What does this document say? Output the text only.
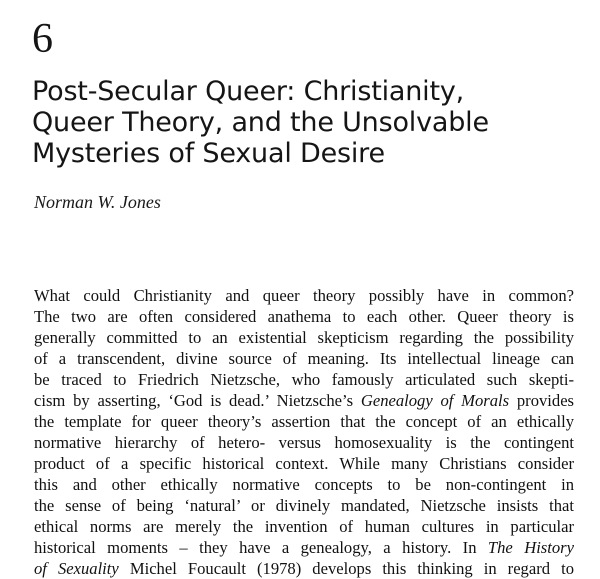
6
Post-Secular Queer: Christianity,
Queer Theory, and the Unsolvable
Mysteries of Sexual Desire
Norman W. Jones
What could Christianity and queer theory possibly have in common?
The two are often considered anathema to each other. Queer theory is
generally committed to an existential skepticism regarding the possibility
of a transcendent, divine source of meaning. Its intellectual lineage can
be traced to Friedrich Nietzsche, who famously articulated such skepti-
cism by asserting, ‘God is dead.’ Nietzsche’s Genealogy of Morals provides
the template for queer theory’s assertion that the concept of an ethically
normative hierarchy of hetero- versus homosexuality is the contingent
product of a specific historical context. While many Christians consider
this and other ethically normative concepts to be non-contingent in
the sense of being ‘natural’ or divinely mandated, Nietzsche insists that
ethical norms are merely the invention of human cultures in particular
historical moments – they have a genealogy, a history. In The History
of Sexuality Michel Foucault (1978) develops this thinking in regard to
